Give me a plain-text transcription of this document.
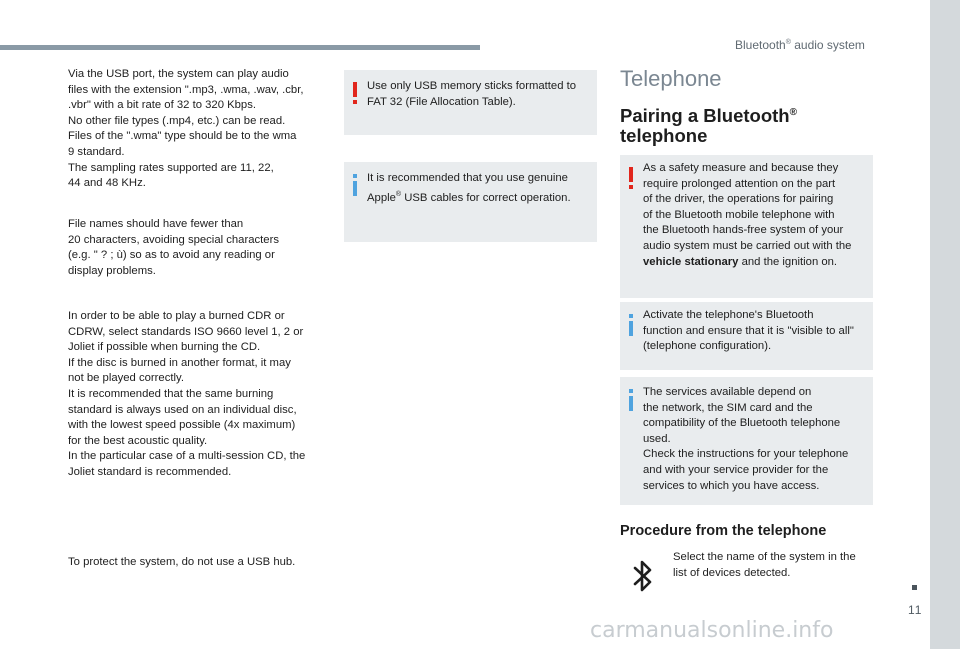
Bluetooth® audio system
11

Via the USB port, the system can play audio

files with the extension ".mp3, .wma, .wav, .cbr,

.vbr" with a bit rate of 32 to 320 Kbps.

No other file types (.mp4, etc.) can be read.

Files of the ".wma" type should be to the wma

9 standard.

The sampling rates supported are 11, 22,

44 and 48 KHz.

File names should have fewer than

20 characters, avoiding special characters

(e.g. " ? ; ù) so as to avoid any reading or

display problems.

In order to be able to play a burned CDR or

CDRW, select standards ISO 9660 level 1, 2 or

Joliet if possible when burning the CD.

If the disc is burned in another format, it may

not be played correctly.

It is recommended that the same burning

standard is always used on an individual disc,

with the lowest speed possible (4x maximum)

for the best acoustic quality.

In the particular case of a multi-session CD, the

Joliet standard is recommended.

To protect the system, do not use a USB hub.

Use only USB memory sticks formatted to
FAT 32 (File Allocation Table).
It is recommended that you use genuine
Apple® USB cables for correct operation.
Telephone
Pairing a Bluetooth®
telephone
As a safety measure and because they
require prolonged attention on the part
of the driver, the operations for pairing
of the Bluetooth mobile telephone with
the Bluetooth hands-free system of your
audio system must be carried out with the
vehicle stationary and the ignition on.
Activate the telephone's Bluetooth
function and ensure that it is "visible to all"
(telephone configuration).
The services available depend on
the network, the SIM card and the
compatibility of the Bluetooth telephone
used.
Check the instructions for your telephone
and with your service provider for the
services to which you have access.
Procedure from the telephone
Select the name of the system in the
list of devices detected.
carmanualsonline.info
